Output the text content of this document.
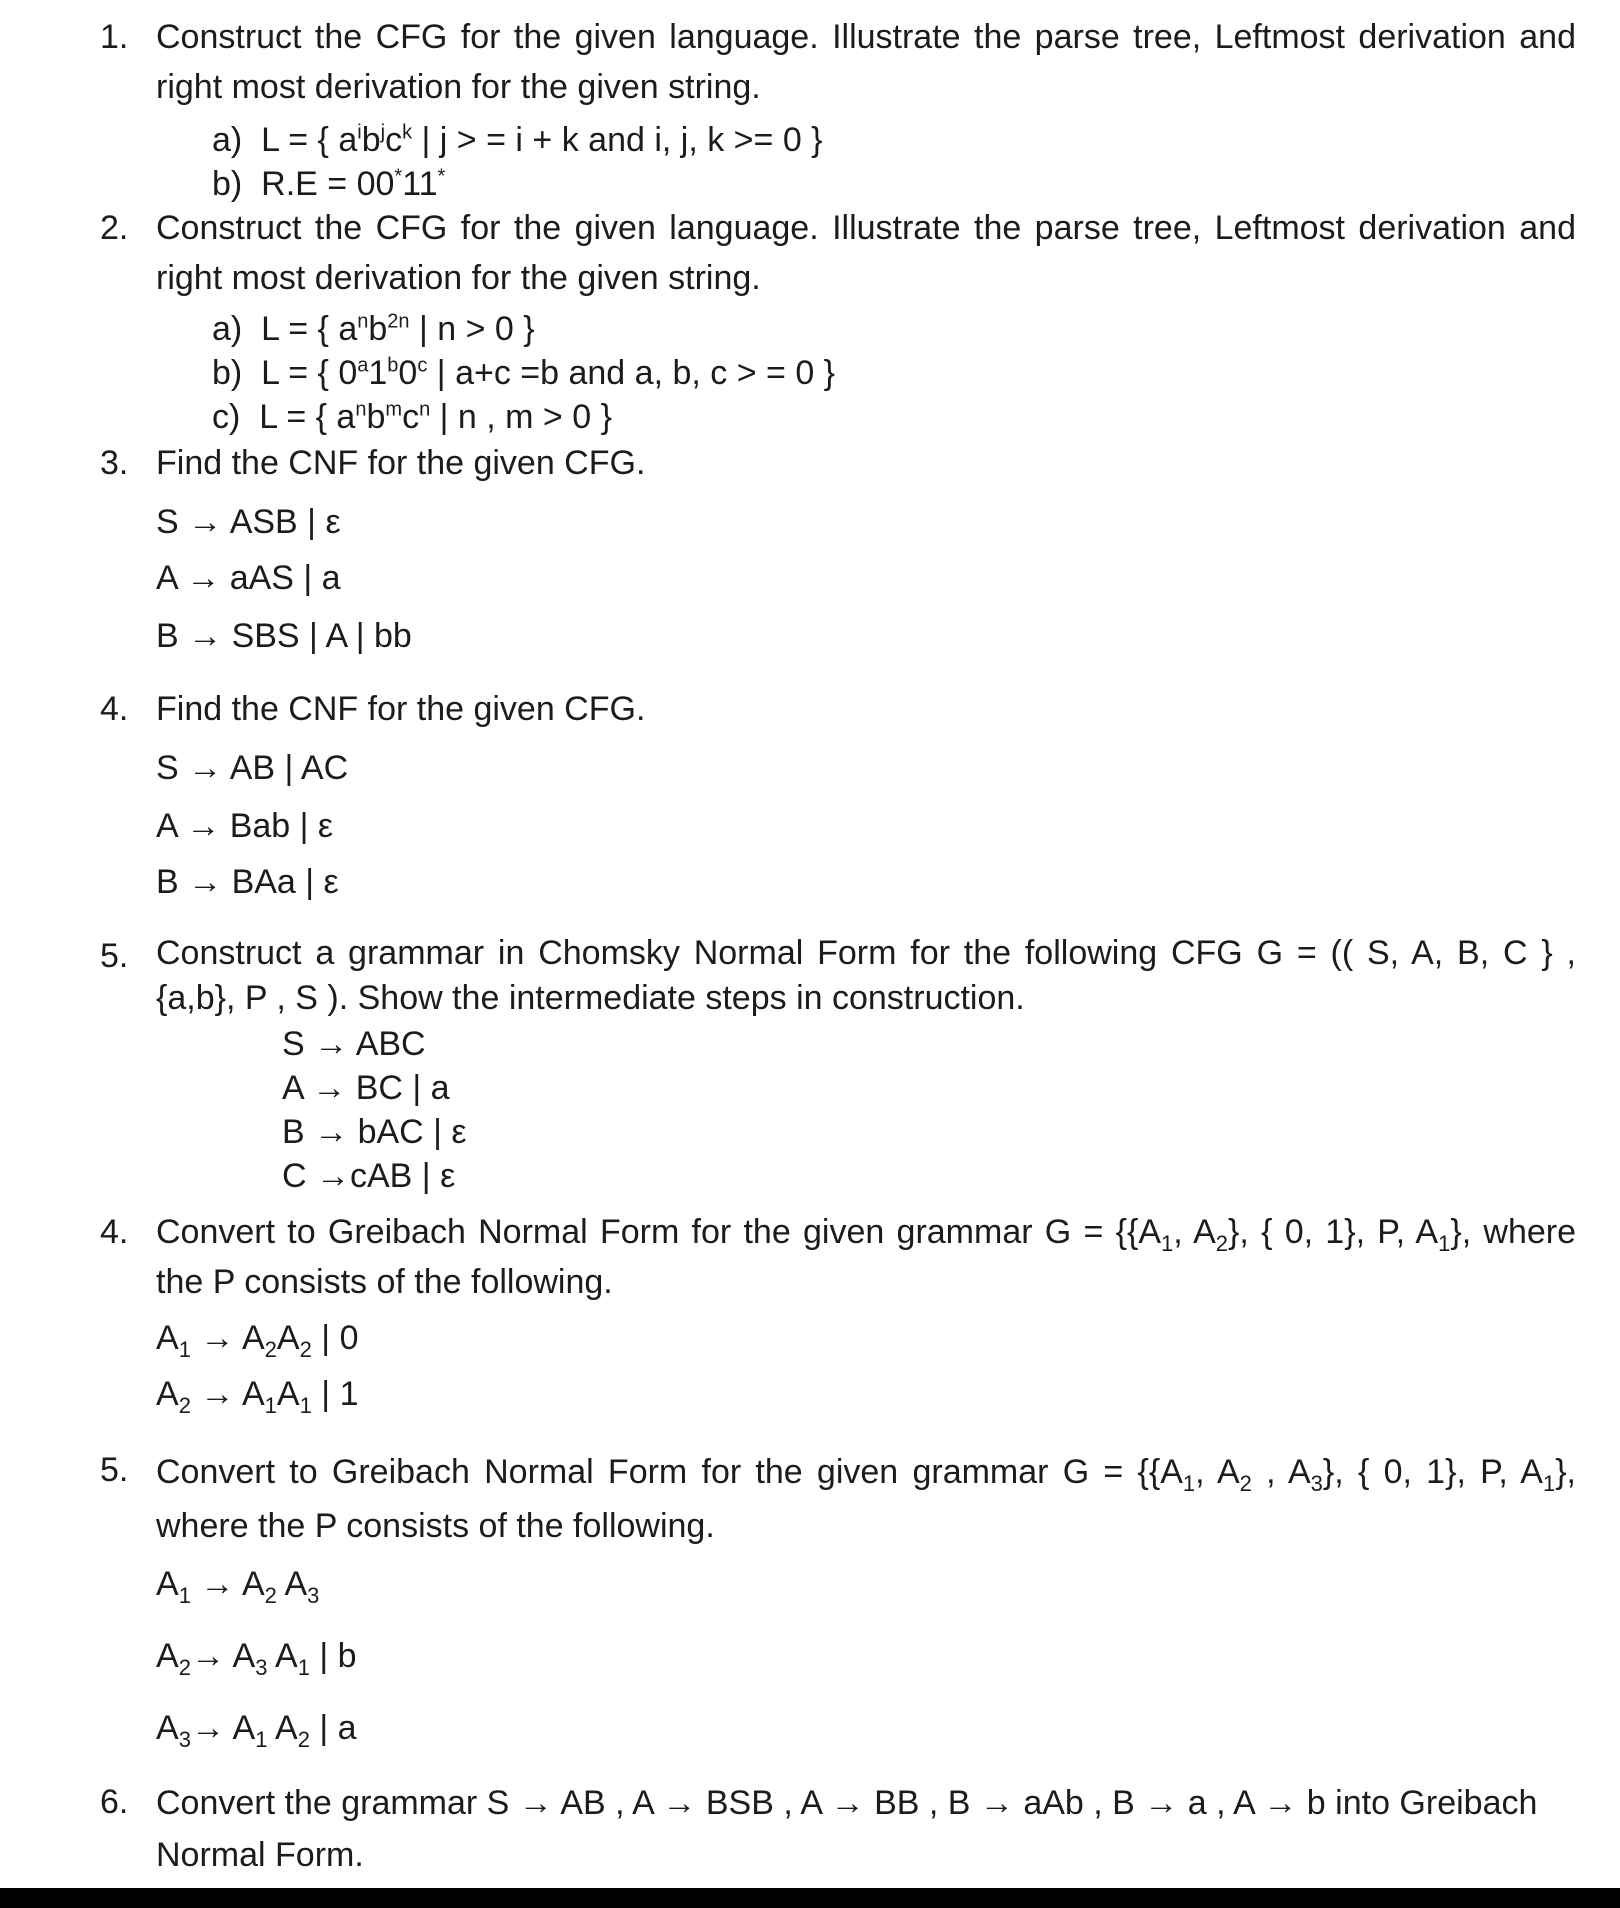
1. Construct the CFG for the given language. Illustrate the parse tree, Leftmost derivation and right most derivation for the given string.
a) L = { $a^ib^jc^k$ | j > = i + k and i, j, k >= 0 }
b) R.E = 00*11*
2. Construct the CFG for the given language. Illustrate the parse tree, Leftmost derivation and right most derivation for the given string.
a) L = { $a^nb^{2n}$ | n > 0 }
b) L = { 0$^a$1$^b$0$^c$ | a+c =b and a, b, c > = 0 }
c) L = { $a^nb^mc^n$ | n , m > 0 }
3. Find the CNF for the given CFG.
S → ASB | ε
A → aAS | a
B → SBS | A | bb
4. Find the CNF for the given CFG.
S → AB | AC
A → Bab | ε
B → BAa | ε
5. Construct a grammar in Chomsky Normal Form for the following CFG G = (( S, A, B, C } , {a,b}, P , S ). Show the intermediate steps in construction.
S → ABC
A → BC | a
B → bAC | ε
C →cAB | ε
4. Convert to Greibach Normal Form for the given grammar $G = \{\{A_1$, $A_2$}, { 0, 1}, P, $A_1$}, where the P consists of the following.
$A_1 \to A_2A_2$ | 0
$A_2 \to A_1A_1$ | 1
5. Convert to Greibach Normal Form for the given grammar $G = \{\{A_1$, $A_2$ , $A_3$}, { 0, 1}, P, $A_1$}, where the P consists of the following.
$A_1 \to A_2$ $A_3$
$A_2\to A_3$ $A_1$ | b
$A_3\to A_1$ $A_2$ | a
6. Convert the grammar S → AB , A → BSB , A → BB , B → aAb , B → a , A → b into Greibach Normal Form.
